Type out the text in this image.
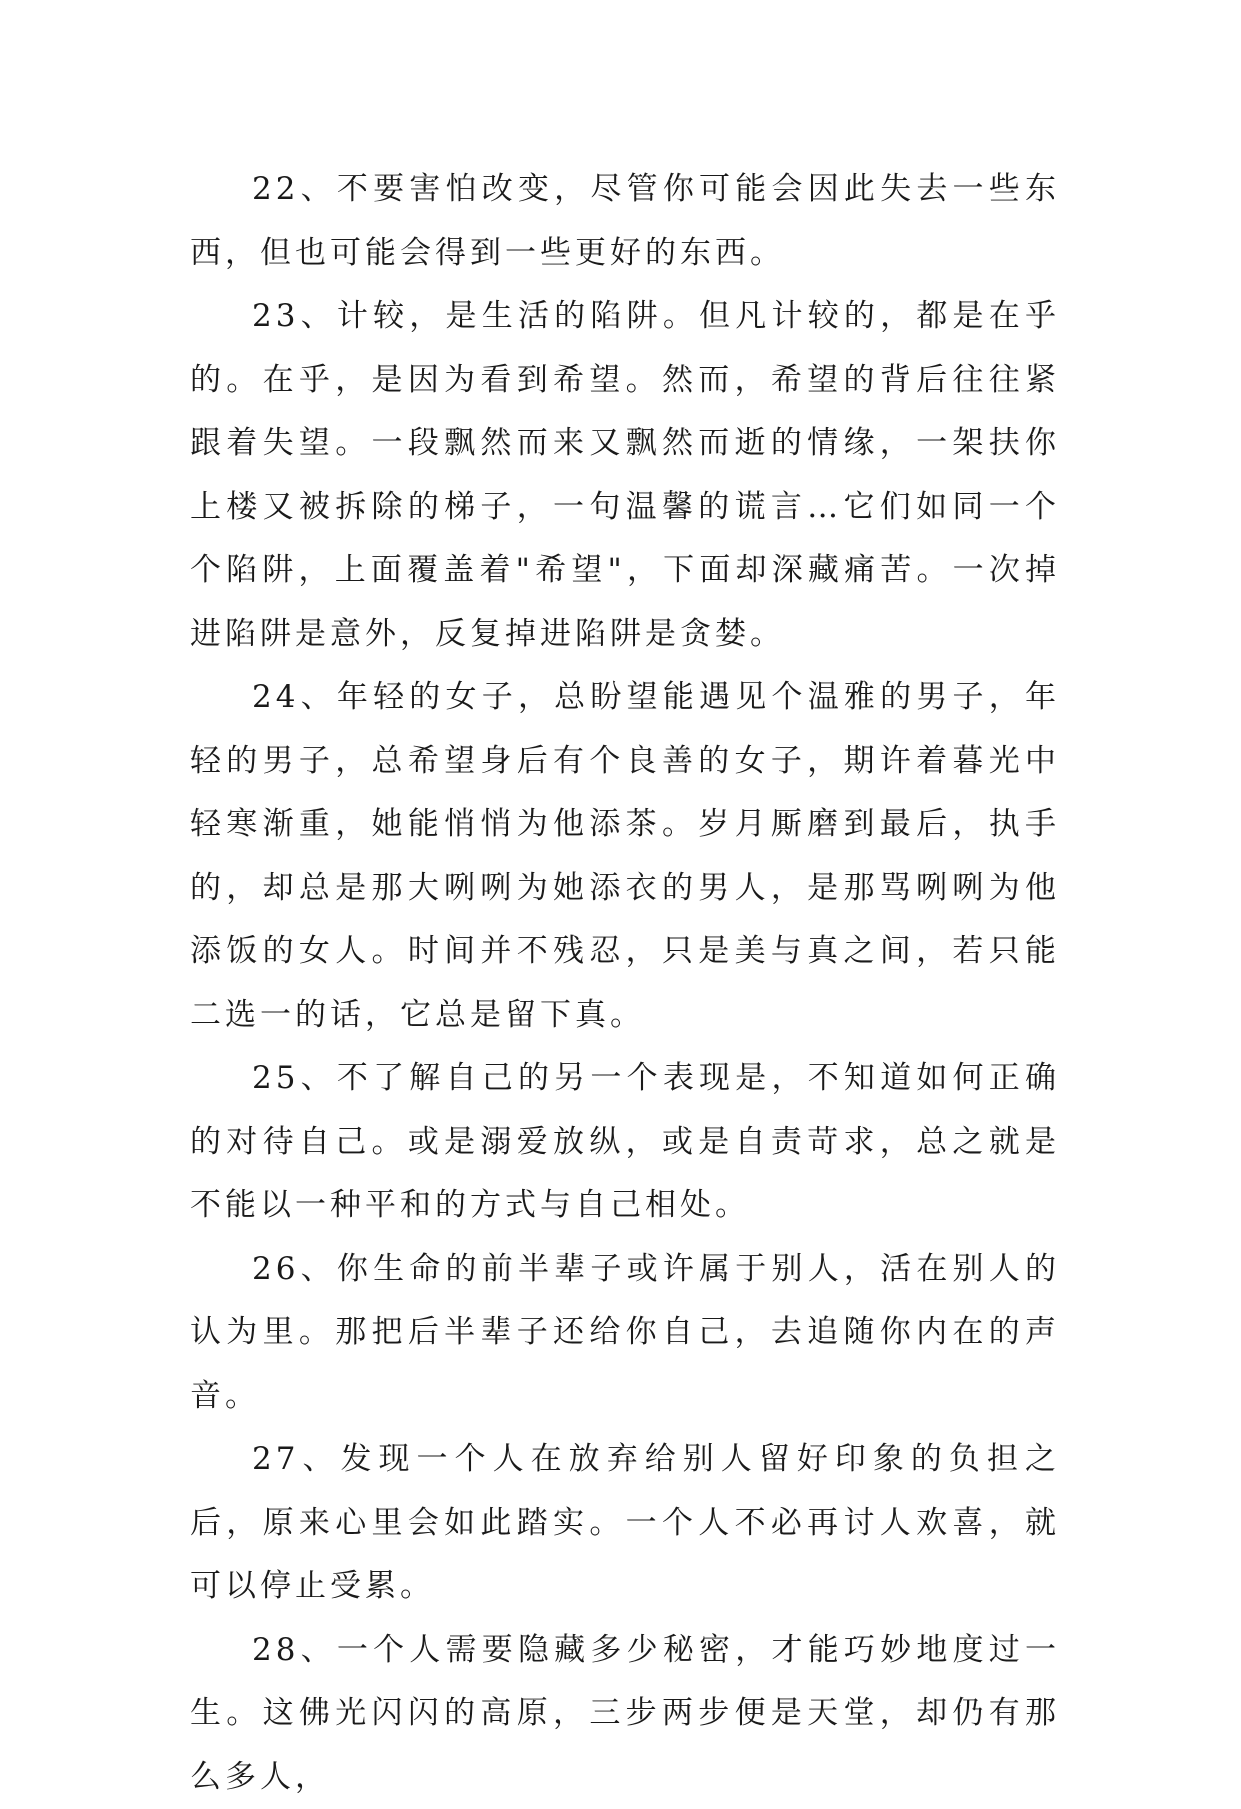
22、不要害怕改变，尽管你可能会因此失去一些东西，但也可能会得到一些更好的东西。

23、计较，是生活的陷阱。但凡计较的，都是在乎的。在乎，是因为看到希望。然而，希望的背后往往紧跟着失望。一段飘然而来又飘然而逝的情缘，一架扶你上楼又被拆除的梯子，一句温馨的谎言…它们如同一个个陷阱，上面覆盖着"希望"，下面却深藏痛苦。一次掉进陷阱是意外，反复掉进陷阱是贪婪。

24、年轻的女子，总盼望能遇见个温雅的男子，年轻的男子，总希望身后有个良善的女子，期许着暮光中轻寒渐重，她能悄悄为他添茶。岁月厮磨到最后，执手的，却总是那大咧咧为她添衣的男人，是那骂咧咧为他添饭的女人。时间并不残忍，只是美与真之间，若只能二选一的话，它总是留下真。

25、不了解自己的另一个表现是，不知道如何正确的对待自己。或是溺爱放纵，或是自责苛求，总之就是不能以一种平和的方式与自己相处。

26、你生命的前半辈子或许属于别人，活在别人的认为里。那把后半辈子还给你自己，去追随你内在的声音。

27、发现一个人在放弃给别人留好印象的负担之后，原来心里会如此踏实。一个人不必再讨人欢喜，就可以停止受累。

28、一个人需要隐藏多少秘密，才能巧妙地度过一生。这佛光闪闪的高原，三步两步便是天堂，却仍有那么多人，
